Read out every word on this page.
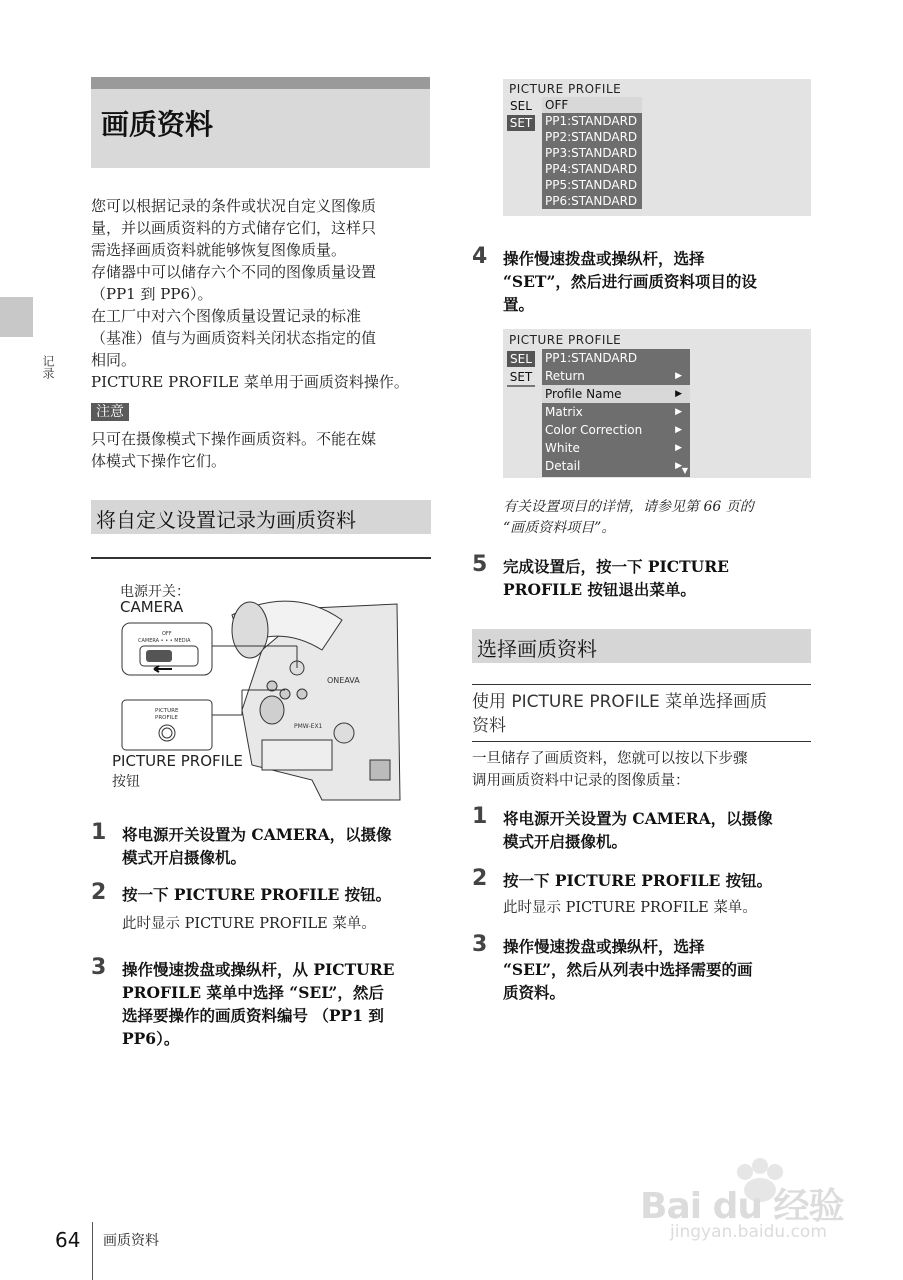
画质资料
记录
您可以根据记录的条件或状况自定义图像质
量，并以画质资料的方式储存它们，这样只
需选择画质资料就能够恢复图像质量。
存储器中可以储存六个不同的图像质量设置
（PP1 到 PP6）。
在工厂中对六个图像质量设置记录的标准
（基准）值与为画质资料关闭状态指定的值
相同。
PICTURE PROFILE 菜单用于画质资料操作。
注意
只可在摄像模式下操作画质资料。不能在媒
体模式下操作它们。
将自定义设置记录为画质资料
电源开关：
CAMERA
ONEAVA
PMW-EX1
OFF
CAMERA • • • MEDIA
PICTURE
PROFILE
PICTURE PROFILE
按钮
1 将电源开关设置为 CAMERA，以摄像
模式开启摄像机。
2 按一下 PICTURE PROFILE 按钮。
此时显示 PICTURE PROFILE 菜单。
3 操作慢速拨盘或操纵杆，从 PICTURE
PROFILE 菜单中选择 “SEL”，然后
选择要操作的画质资料编号 （PP1 到
PP6）。
PICTURE PROFILE
SEL
SET
OFF
PP1:STANDARD
PP2:STANDARD
PP3:STANDARD
PP4:STANDARD
PP5:STANDARD
PP6:STANDARD
4 操作慢速拨盘或操纵杆，选择
“SET”，然后进行画质资料项目的设
置。
PICTURE PROFILE
SEL
SET
PP1:STANDARD
Return	▶
Profile Name	▶
Matrix	▶
Color Correction	▶
White	▶
Detail	▶ ▼
有关设置项目的详情，请参见第 66 页的
“画质资料项目”。
5 完成设置后，按一下 PICTURE
PROFILE 按钮退出菜单。
选择画质资料
使用 PICTURE PROFILE 菜单选择画质
资料
一旦储存了画质资料，您就可以按以下步骤
调用画质资料中记录的图像质量：
1 将电源开关设置为 CAMERA，以摄像
模式开启摄像机。
2 按一下 PICTURE PROFILE 按钮。
此时显示 PICTURE PROFILE 菜单。
3 操作慢速拨盘或操纵杆，选择
“SEL”，然后从列表中选择需要的画
质资料。
64 画质资料
Bai du 经验
jingyan.baidu.com
